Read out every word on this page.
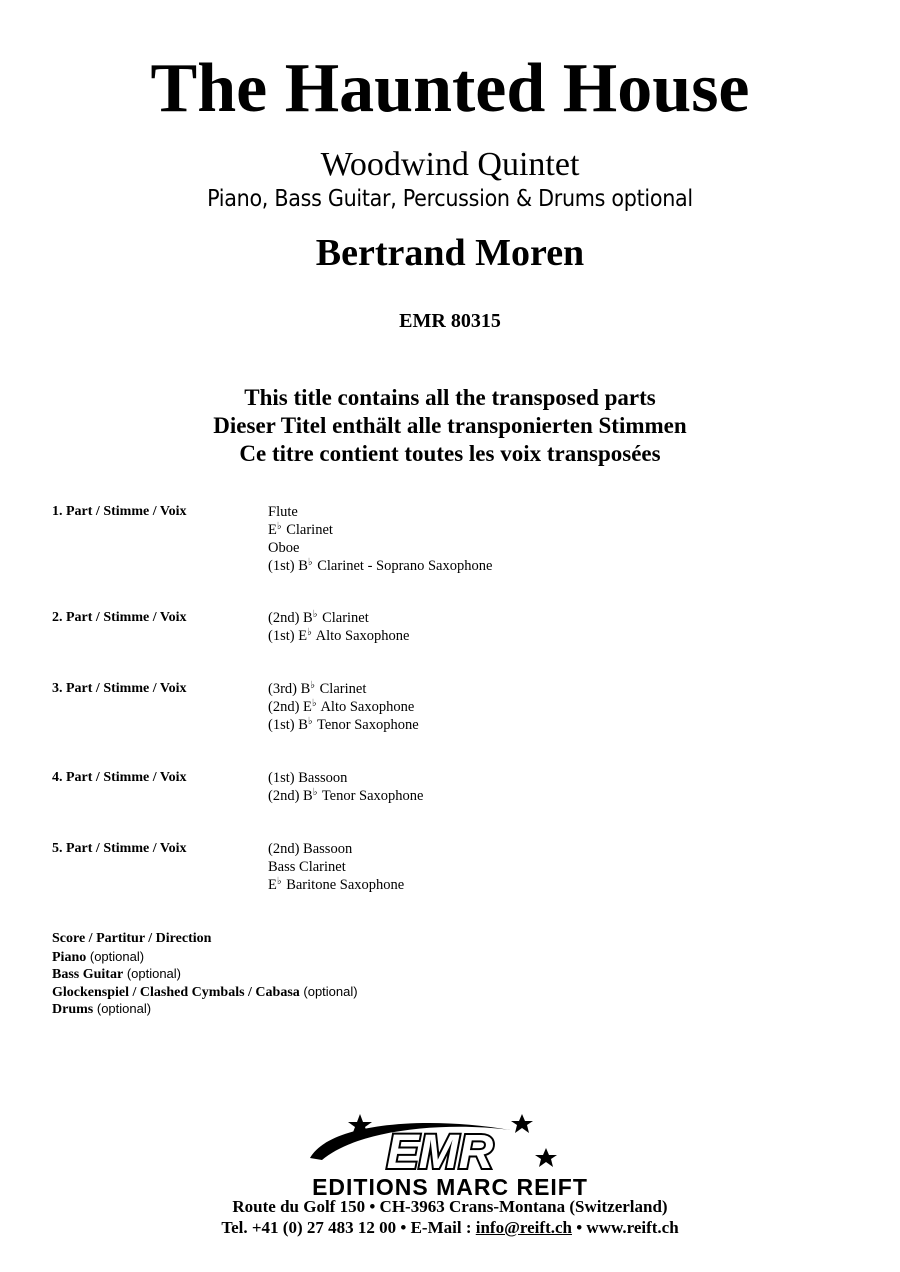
The Haunted House
Woodwind Quintet
Piano, Bass Guitar, Percussion & Drums optional
Bertrand Moren
EMR 80315
This title contains all the transposed parts
Dieser Titel enthält alle transponierten Stimmen
Ce titre contient toutes les voix transposées
1. Part / Stimme / Voix	Flute
E♭ Clarinet
Oboe
(1st) B♭ Clarinet - Soprano Saxophone
2. Part / Stimme / Voix	(2nd) B♭ Clarinet
(1st) E♭ Alto Saxophone
3. Part / Stimme / Voix	(3rd) B♭ Clarinet
(2nd) E♭ Alto Saxophone
(1st) B♭ Tenor Saxophone
4. Part / Stimme / Voix	(1st) Bassoon
(2nd) B♭ Tenor Saxophone
5. Part / Stimme / Voix	(2nd) Bassoon
Bass Clarinet
E♭ Baritone Saxophone
Score / Partitur / Direction
Piano (optional)
Bass Guitar (optional)
Glockenspiel / Clashed Cymbals / Cabasa (optional)
Drums (optional)
EMR
EDITIONS MARC REIFT
Route du Golf 150 • CH-3963 Crans-Montana (Switzerland)
Tel. +41 (0) 27 483 12 00 • E-Mail : info@reift.ch • www.reift.ch
